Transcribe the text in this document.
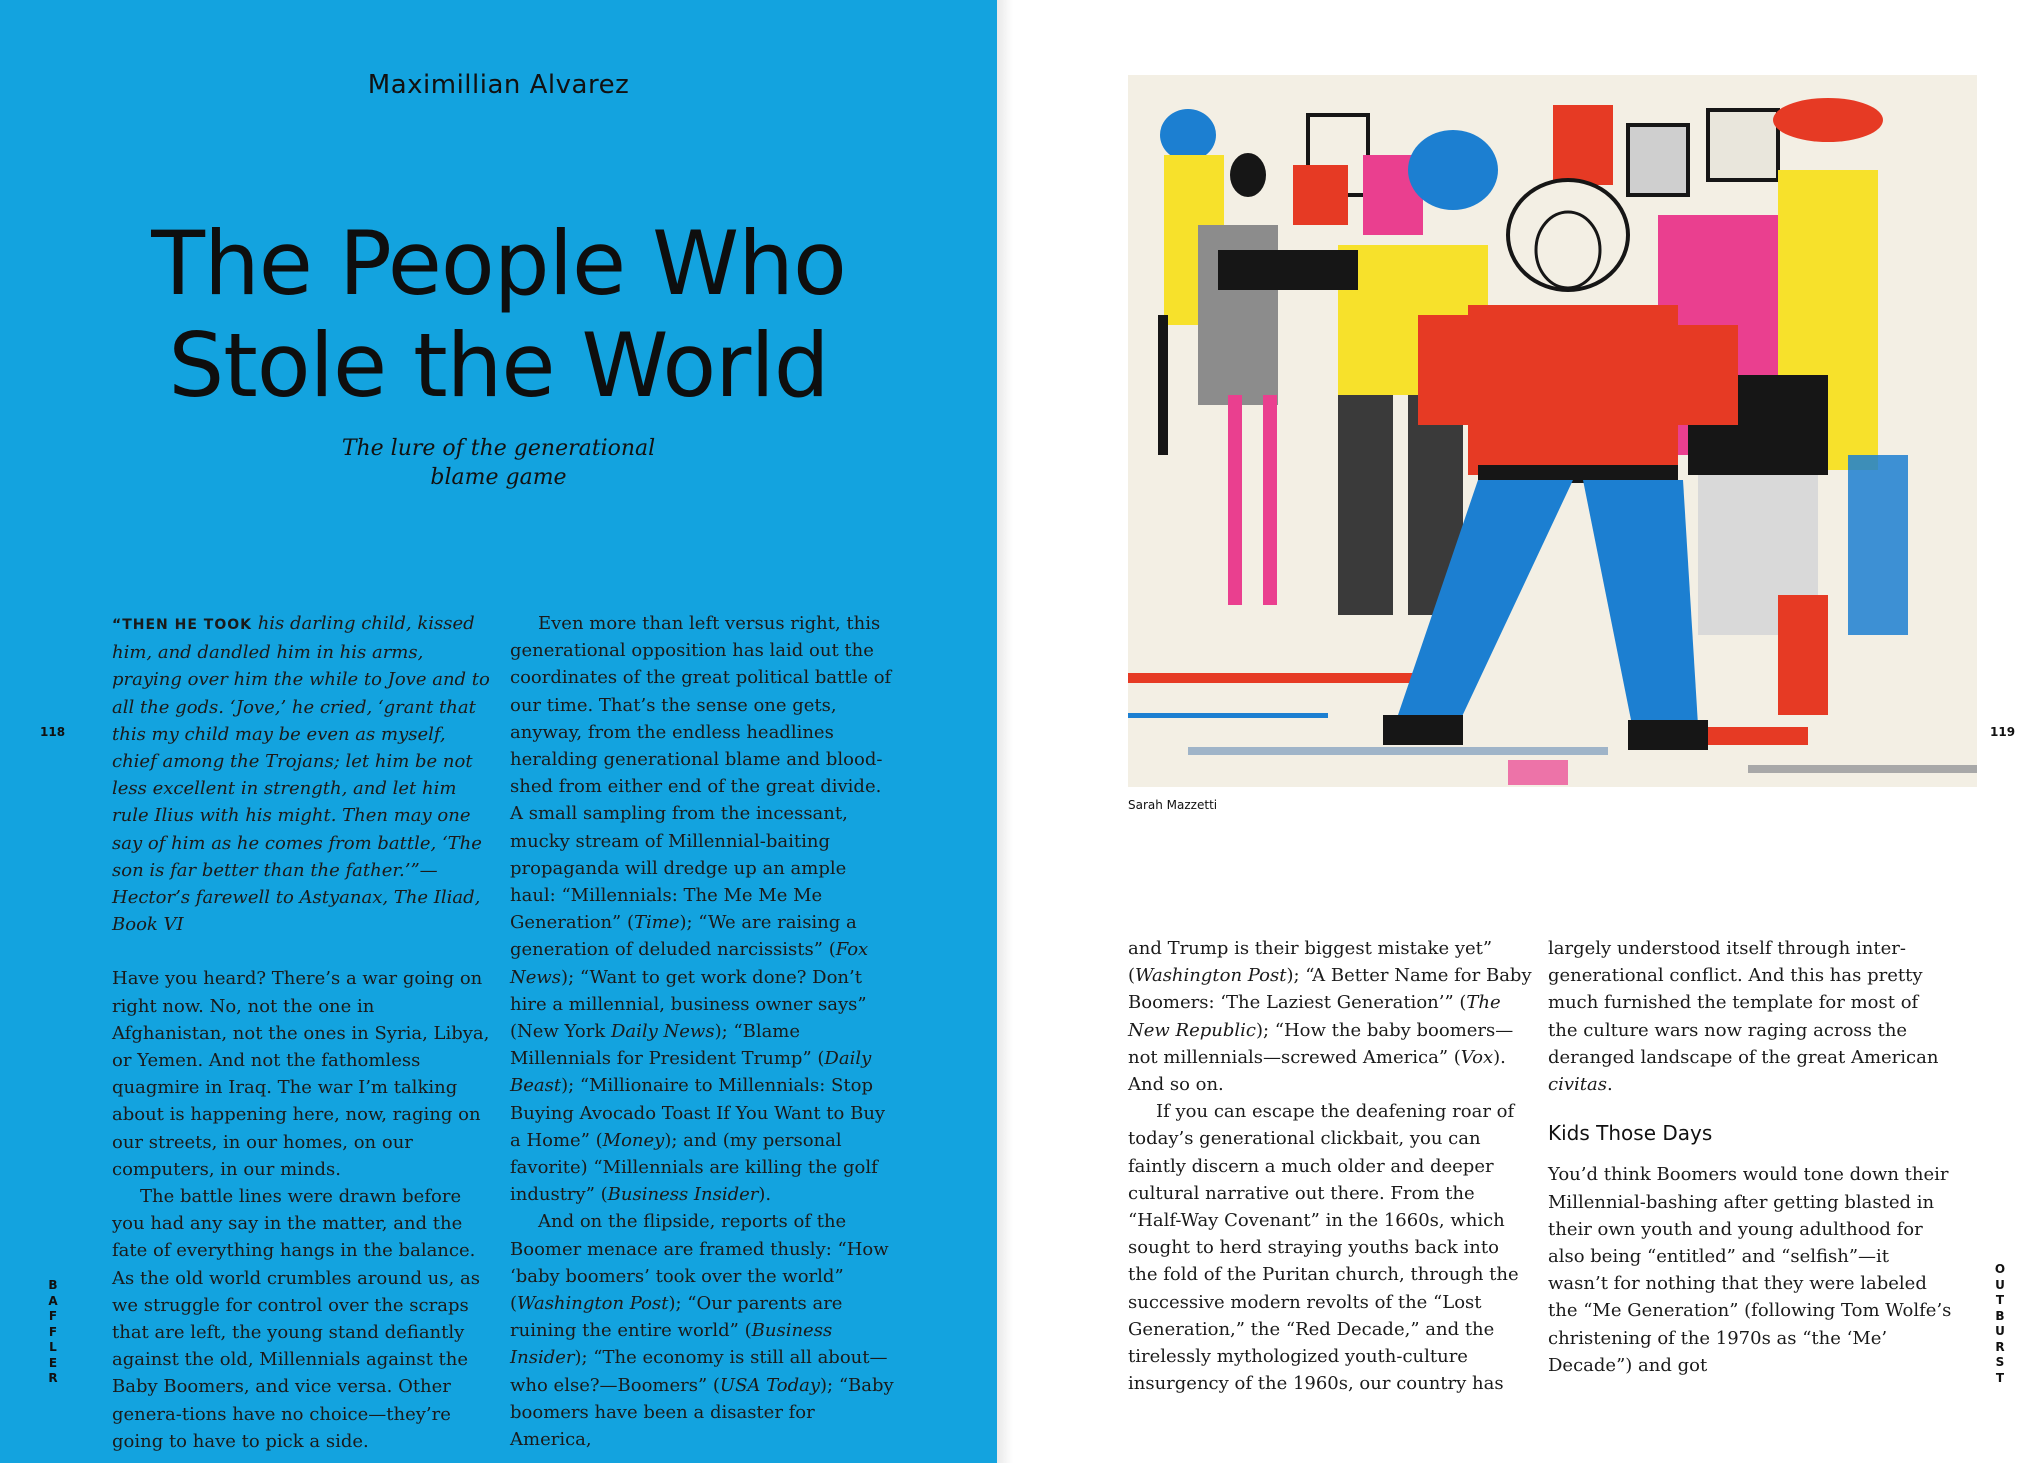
Maximillian Alvarez

The People Who
Stole the World

The lure of the generational
blame game

118	119
B
A
F
F
L
E
R
O
U
T
B
U
R
S
T

“THEN HE TOOK his darling child, kissed him, and dandled him in his arms, praying over him the while to Jove and to all the gods. ‘Jove,’ he cried, ‘grant that this my child may be even as myself, chief among the Trojans; let him be not less excellent in strength, and let him rule Ilius with his might. Then may one say of him as he comes from battle, ‘The son is far better than the father.’”—Hector’s farewell to Astyanax, The Iliad, Book VI

Have you heard? There’s a war going on right now. No, not the one in Afghanistan, not the ones in Syria, Libya, or Yemen. And not the fathomless quagmire in Iraq. The war I’m talking about is happening here, now, raging on our streets, in our homes, on our computers, in our minds.

The battle lines were drawn before you had any say in the matter, and the fate of everything hangs in the balance. As the old world crumbles around us, as we struggle for control over the scraps that are left, the young stand defiantly against the old, Millennials against the Baby Boomers, and vice versa. Other genera-tions have no choice—they’re going to have to pick a side.

Even more than left versus right, this generational opposition has laid out the coordinates of the great political battle of our time. That’s the sense one gets, anyway, from the endless headlines heralding generational blame and blood-shed from either end of the great divide. A small sampling from the incessant, mucky stream of Millennial-baiting propaganda will dredge up an ample haul: “Millennials: The Me Me Me Generation” (Time); “We are raising a generation of deluded narcissists” (Fox News); “Want to get work done? Don’t hire a millennial, business owner says” (New York Daily News); “Blame Millennials for President Trump” (Daily Beast); “Millionaire to Millennials: Stop Buying Avocado Toast If You Want to Buy a Home” (Money); and (my personal favorite) “Millennials are killing the golf industry” (Business Insider).

And on the flipside, reports of the Boomer menace are framed thusly: “How ‘baby boomers’ took over the world” (Washington Post); “Our parents are ruining the entire world” (Business Insider); “The economy is still all about—who else?—Boomers” (USA Today); “Baby boomers have been a disaster for America,

Sarah Mazzetti

and Trump is their biggest mistake yet” (Washington Post); “A Better Name for Baby Boomers: ‘The Laziest Generation’” (The New Republic); “How the baby boomers—not millennials—screwed America” (Vox). And so on.

If you can escape the deafening roar of today’s generational clickbait, you can faintly discern a much older and deeper cultural narrative out there. From the “Half-Way Covenant” in the 1660s, which sought to herd straying youths back into the fold of the Puritan church, through the successive modern revolts of the “Lost Generation,” the “Red Decade,” and the tirelessly mythologized youth-culture insurgency of the 1960s, our country has

largely understood itself through inter-generational conflict. And this has pretty much furnished the template for most of the culture wars now raging across the deranged landscape of the great American civitas.

Kids Those Days

You’d think Boomers would tone down their Millennial-bashing after getting blasted in their own youth and young adulthood for also being “entitled” and “selfish”—it wasn’t for nothing that they were labeled the “Me Generation” (following Tom Wolfe’s christening of the 1970s as “the ‘Me’ Decade”) and got
